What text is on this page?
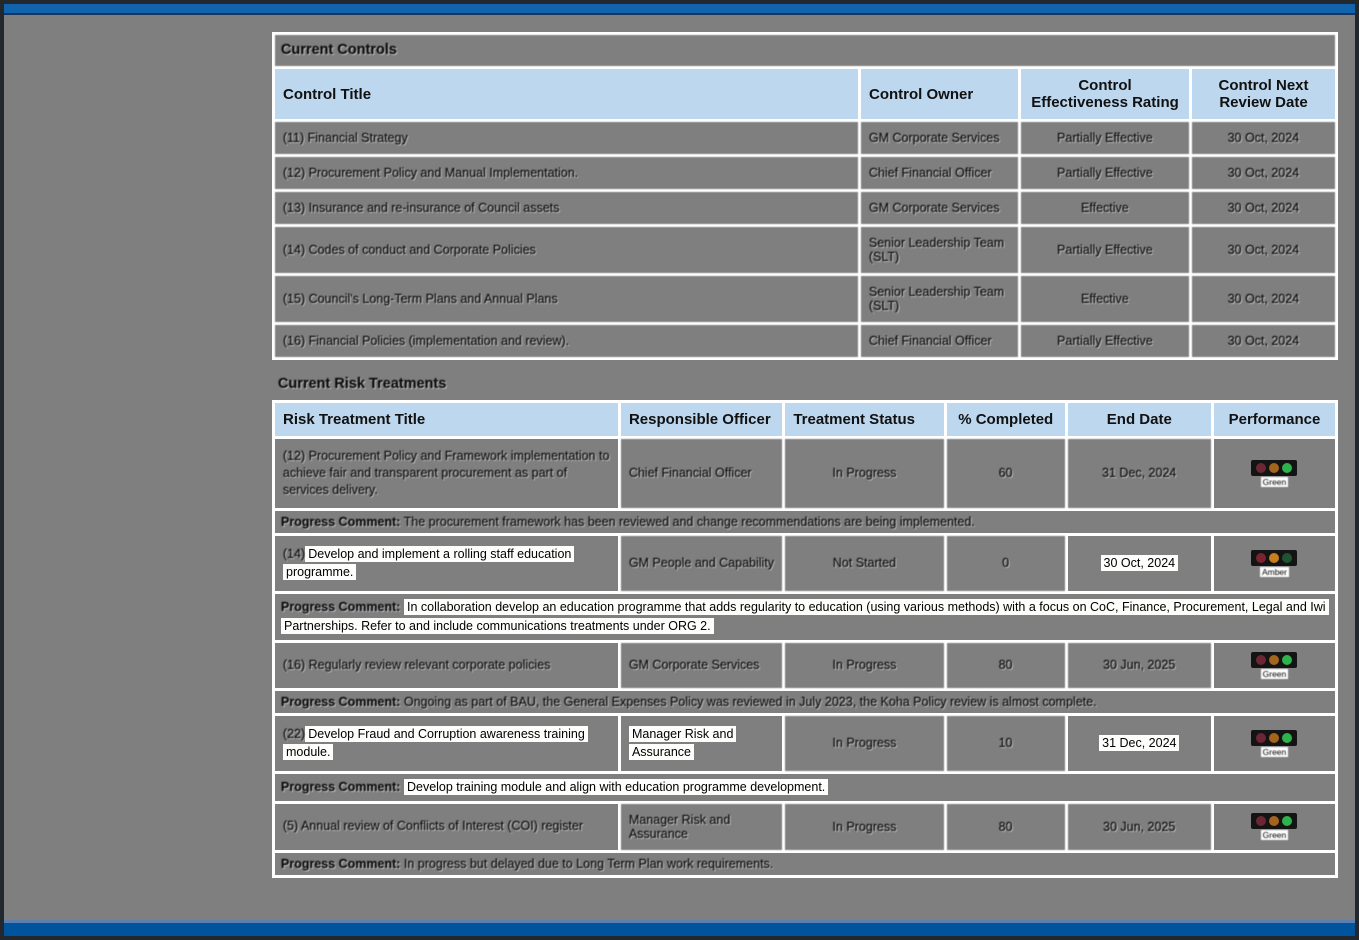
Current Controls			
Control Title	Control Owner	Control Effectiveness Rating	Control Next Review Date
(11) Financial Strategy	GM Corporate Services	Partially Effective	30 Oct, 2024
(12) Procurement Policy and Manual Implementation.	Chief Financial Officer	Partially Effective	30 Oct, 2024
(13) Insurance and re-insurance of Council assets	GM Corporate Services	Effective	30 Oct, 2024
(14) Codes of conduct and Corporate Policies	Senior Leadership Team (SLT)	Partially Effective	30 Oct, 2024
(15) Council's Long-Term Plans and Annual Plans	Senior Leadership Team (SLT)	Effective	30 Oct, 2024
(16) Financial Policies (implementation and review).	Chief Financial Officer	Partially Effective	30 Oct, 2024
Current Risk Treatments
Risk Treatment Title	Responsible Officer	Treatment Status	% Completed	End Date	Performance
(12) Procurement Policy and Framework implementation to achieve fair and transparent procurement as part of services delivery.	Chief Financial Officer	In Progress	60	31 Dec, 2024	Green

Progress Comment: The procurement framework has been reviewed and change recommendations are being implemented.					
(14) Develop and implement a rolling staff education programme.	GM People and Capability	Not Started	0	30 Oct, 2024	Amber

Progress Comment: In collaboration develop an education programme that adds regularity to education (using various methods) with a focus on CoC, Finance, Procurement, Legal and Iwi Partnerships. Refer to and include communications treatments under ORG 2.					
(16) Regularly review relevant corporate policies	GM Corporate Services	In Progress	80	30 Jun, 2025	Green

Progress Comment: Ongoing as part of BAU, the General Expenses Policy was reviewed in July 2023, the Koha Policy review is almost complete.					
(22) Develop Fraud and Corruption awareness training module.	Manager Risk and Assurance	In Progress	10	31 Dec, 2024	Green

Progress Comment: Develop training module and align with education programme development.					
(5) Annual review of Conflicts of Interest (COI) register	Manager Risk and Assurance	In Progress	80	30 Jun, 2025	Green

Progress Comment: In progress but delayed due to Long Term Plan work requirements.					
